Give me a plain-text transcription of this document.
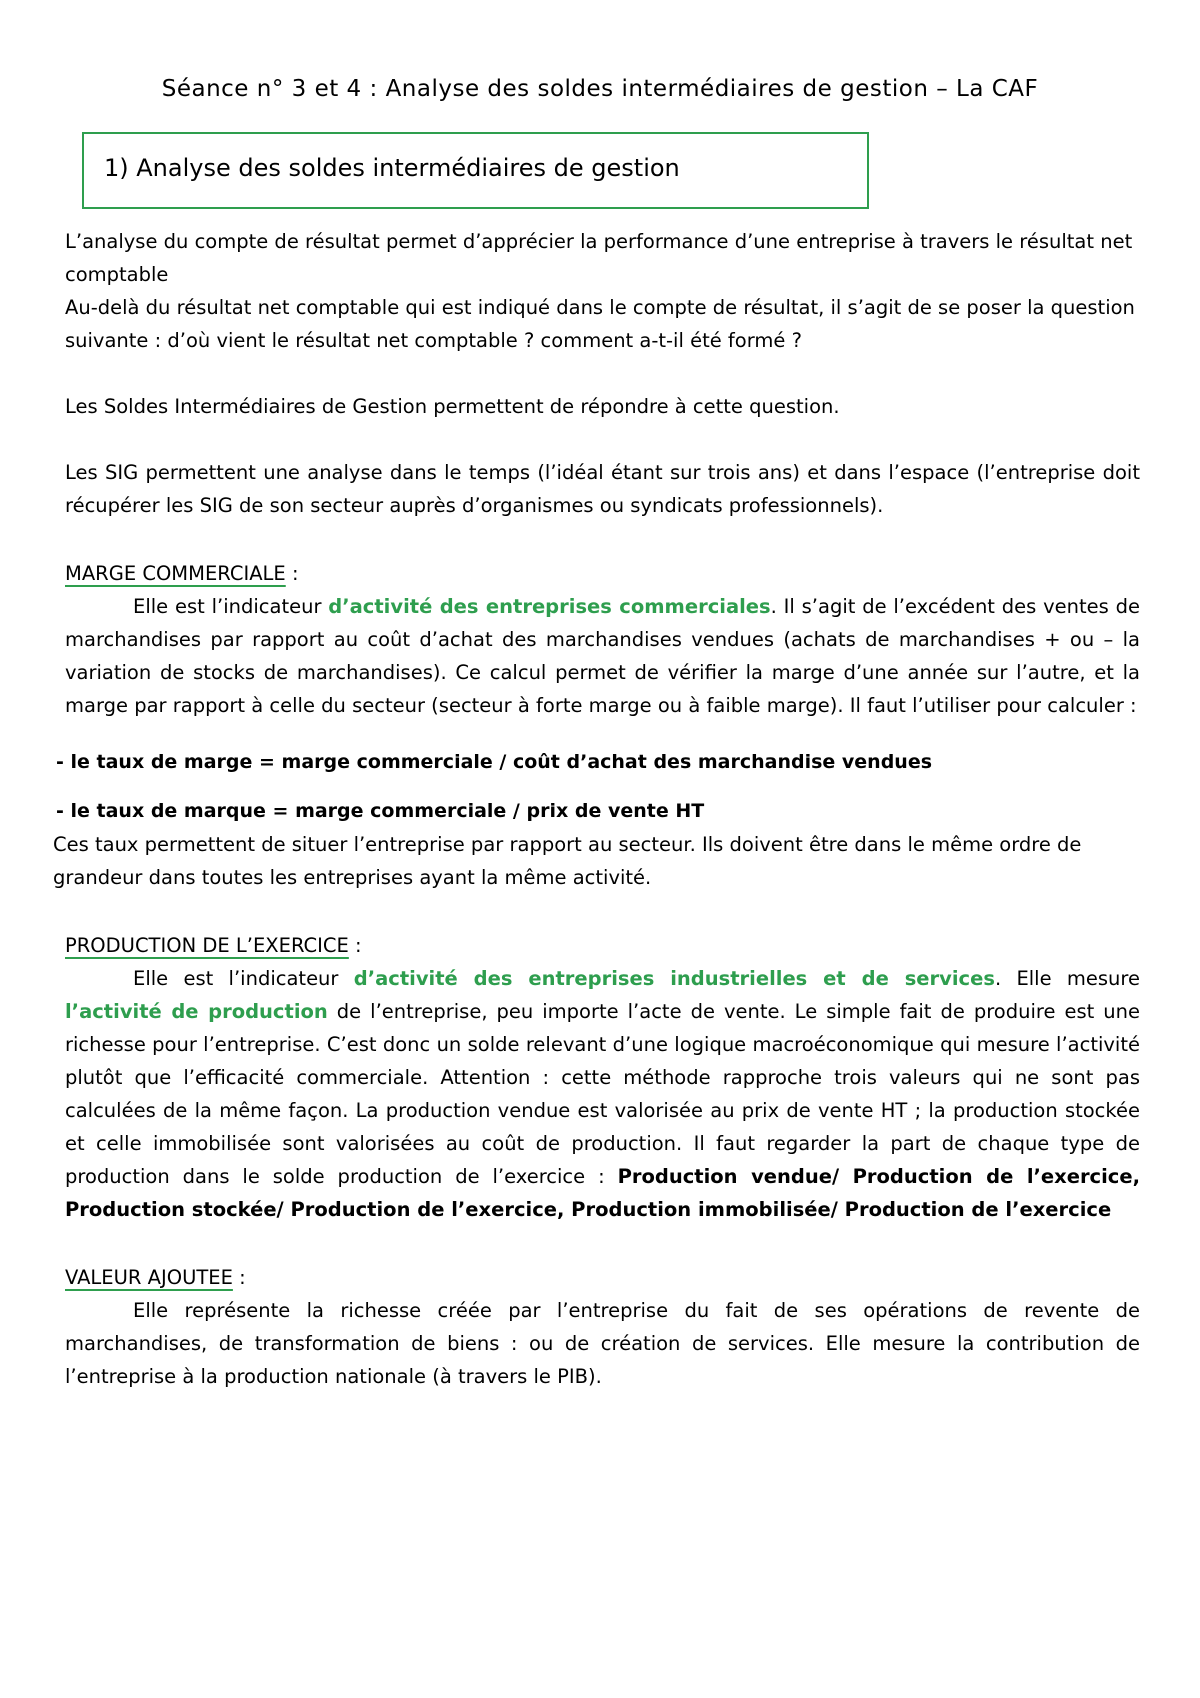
Séance n° 3 et 4 : Analyse des soldes intermédiaires de gestion – La CAF
1) Analyse des soldes intermédiaires de gestion

L’analyse du compte de résultat permet d’apprécier la performance d’une entreprise à travers le résultat net comptable

Au-delà du résultat net comptable qui est indiqué dans le compte de résultat, il s’agit de se poser la question suivante : d’où vient le résultat net comptable ? comment a-t-il été formé ?

Les Soldes Intermédiaires de Gestion permettent de répondre à cette question.

Les SIG permettent une analyse dans le temps (l’idéal étant sur trois ans) et dans l’espace (l’entreprise doit récupérer les SIG de son secteur auprès d’organismes ou syndicats professionnels).

MARGE COMMERCIALE :

Elle est l’indicateur d’activité des entreprises commerciales. Il s’agit de l’excédent des ventes de marchandises par rapport au coût d’achat des marchandises vendues (achats de marchandises + ou – la variation de stocks de marchandises). Ce calcul permet de vérifier la marge d’une année sur l’autre, et la marge par rapport à celle du secteur (secteur à forte marge ou à faible marge). Il faut l’utiliser pour calculer :

- le taux de marge = marge commerciale / coût d’achat des marchandise vendues

- le taux de marque = marge commerciale / prix de vente HT

Ces taux permettent de situer l’entreprise par rapport au secteur. Ils doivent être dans le même ordre de grandeur dans toutes les entreprises ayant la même activité.

PRODUCTION DE L’EXERCICE :

Elle est l’indicateur d’activité des entreprises industrielles et de services. Elle mesure l’activité de production de l’entreprise, peu importe l’acte de vente. Le simple fait de produire est une richesse pour l’entreprise. C’est donc un solde relevant d’une logique macroéconomique qui mesure l’activité plutôt que l’efficacité commerciale. Attention : cette méthode rapproche trois valeurs qui ne sont pas calculées de la même façon. La production vendue est valorisée au prix de vente HT ; la production stockée et celle immobilisée sont valorisées au coût de production. Il faut regarder la part de chaque type de production dans le solde production de l’exercice : Production vendue/ Production de l’exercice, Production stockée/ Production de l’exercice, Production immobilisée/ Production de l’exercice

VALEUR AJOUTEE :

Elle représente la richesse créée par l’entreprise du fait de ses opérations de revente de marchandises, de transformation de biens : ou de création de services. Elle mesure la contribution de l’entreprise à la production nationale (à travers le PIB).
